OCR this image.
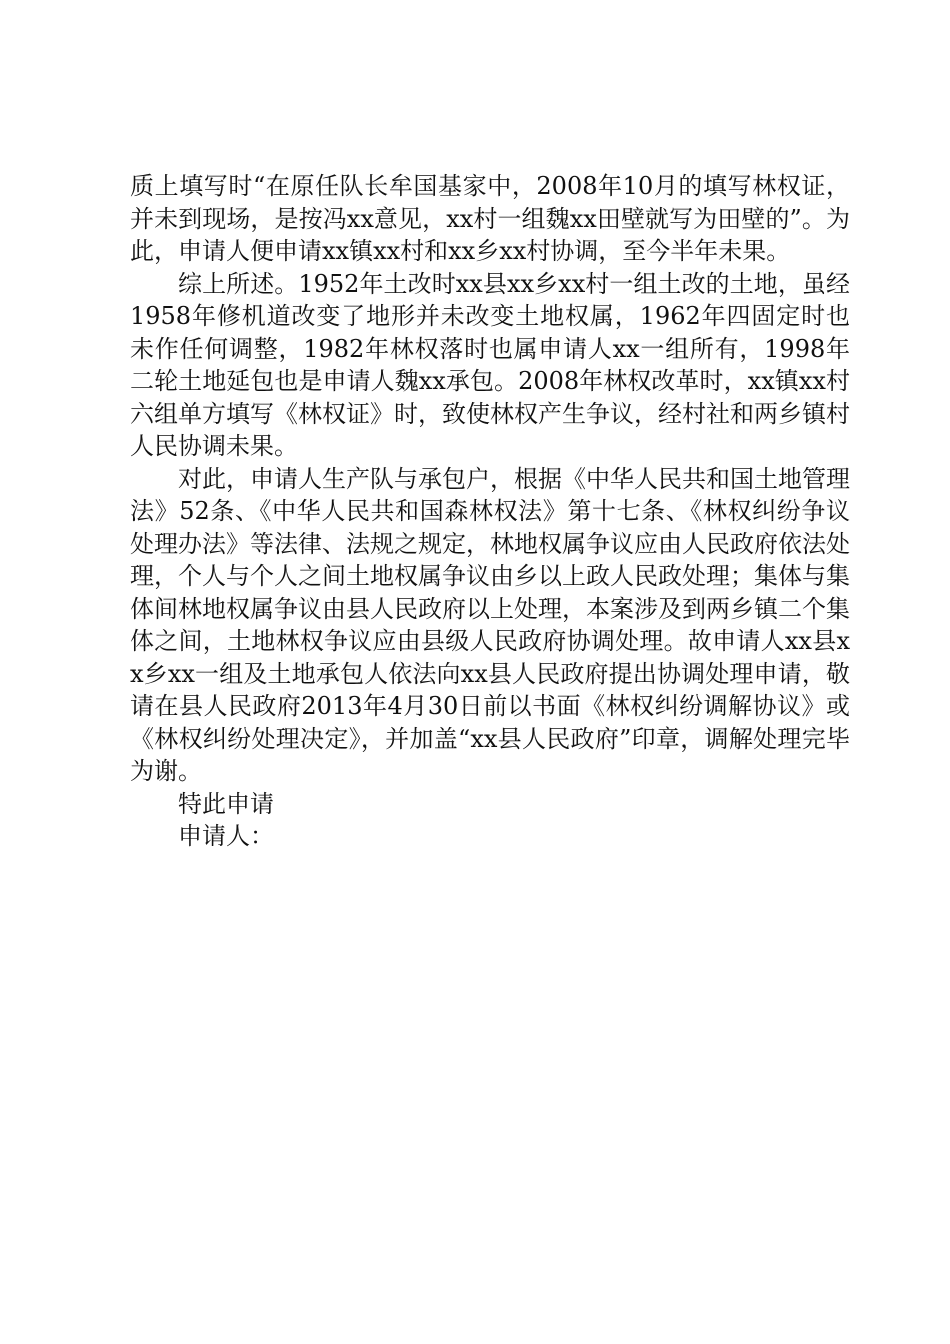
质上填写时“在原任队长牟国基家中，2008年10月的填写林权证，并未到现场，是按冯xx意见，xx村一组魏xx田壁就写为田壁的”。为此，申请人便申请xx镇xx村和xx乡xx村协调，至今半年未果。

综上所述。1952年土改时xx县xx乡xx村一组土改的土地，虽经1958年修机道改变了地形并未改变土地权属，1962年四固定时也未作任何调整，1982年林权落时也属申请人xx一组所有，1998年二轮土地延包也是申请人魏xx承包。2008年林权改革时，xx镇xx村六组单方填写《林权证》时，致使林权产生争议，经村社和两乡镇村人民协调未果。

对此，申请人生产队与承包户，根据《中华人民共和国土地管理法》52条、《中华人民共和国森林权法》第十七条、《林权纠纷争议处理办法》等法律、法规之规定，林地权属争议应由人民政府依法处理，个人与个人之间土地权属争议由乡以上政人民政处理；集体与集体间林地权属争议由县人民政府以上处理，本案涉及到两乡镇二个集体之间，土地林权争议应由县级人民政府协调处理。故申请人xx县xx乡xx一组及土地承包人依法向xx县人民政府提出协调处理申请，敬请在县人民政府2013年4月30日前以书面《林权纠纷调解协议》或《林权纠纷处理决定》，并加盖“xx县人民政府”印章，调解处理完毕为谢。

特此申请

申请人：
